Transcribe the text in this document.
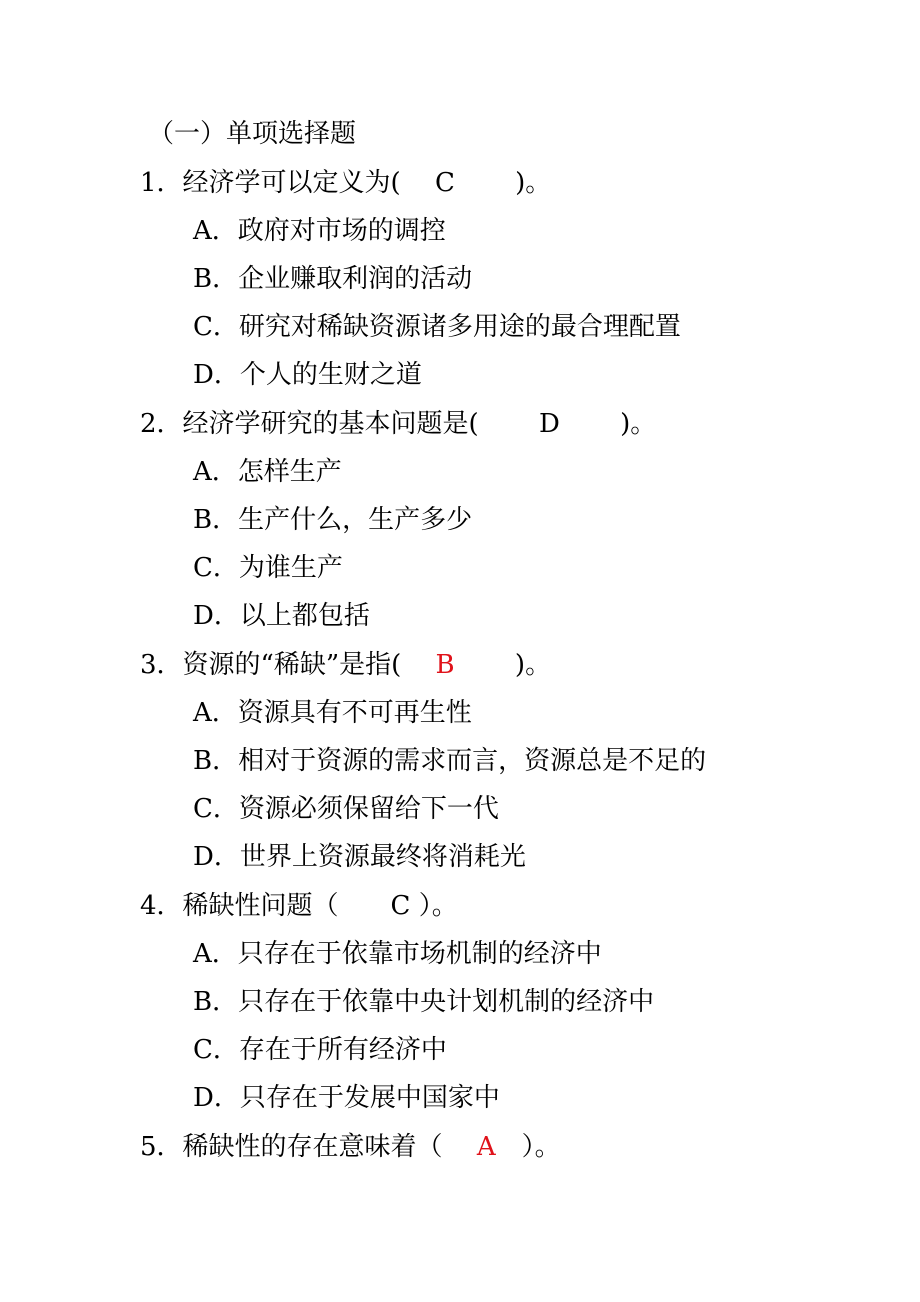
（一）单项选择题
1．经济学可以定义为(　 C　　 )。
A．政府对市场的调控
B．企业赚取利润的活动
C．研究对稀缺资源诸多用途的最合理配置
D．个人的生财之道
2．经济学研究的基本问题是(　　 D　　 )。
A．怎样生产
B．生产什么，生产多少
C．为谁生产
D．以上都包括
3．资源的“稀缺”是指(　 B　　 )。
A．资源具有不可再生性
B．相对于资源的需求而言，资源总是不足的
C．资源必须保留给下一代
D．世界上资源最终将消耗光
4．稀缺性问题（　　C ）。
A．只存在于依靠市场机制的经济中
B．只存在于依靠中央计划机制的经济中
C．存在于所有经济中
D．只存在于发展中国家中
5．稀缺性的存在意味着（　 A　）。
